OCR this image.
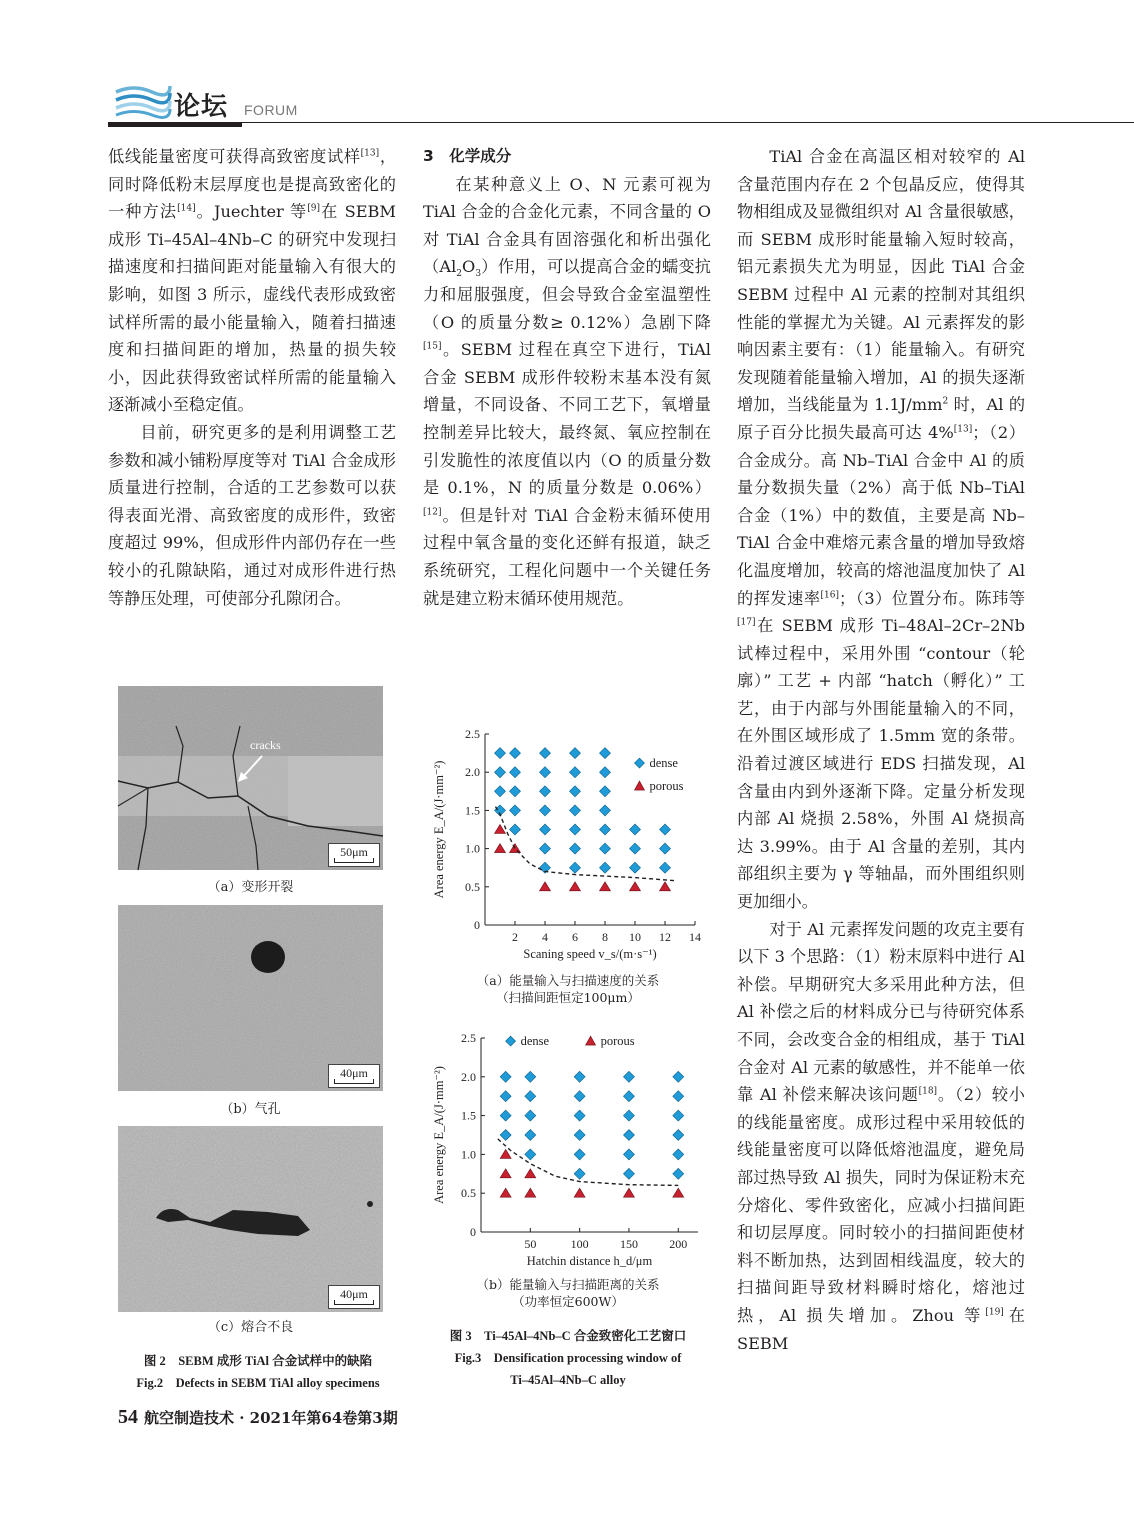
论坛 FORUM

低线能量密度可获得高致密度试样[13]，同时降低粉末层厚度也是提高致密化的一种方法[14]。Juechter 等[9]在 SEBM 成形 Ti–45Al–4Nb–C 的研究中发现扫描速度和扫描间距对能量输入有很大的影响，如图 3 所示，虚线代表形成致密试样所需的最小能量输入，随着扫描速度和扫描间距的增加，热量的损失较小，因此获得致密试样所需的能量输入逐渐减小至稳定值。

目前，研究更多的是利用调整工艺参数和减小铺粉厚度等对 TiAl 合金成形质量进行控制，合适的工艺参数可以获得表面光滑、高致密度的成形件，致密度超过 99%，但成形件内部仍存在一些较小的孔隙缺陷，通过对成形件进行热等静压处理，可使部分孔隙闭合。

3　化学成分

在某种意义上 O、N 元素可视为 TiAl 合金的合金化元素，不同含量的 O 对 TiAl 合金具有固溶强化和析出强化$(Al_2O_3)$作用，可以提高合金的蠕变抗力和屈服强度，但会导致合金室温塑性（O 的质量分数≥ 0.12%）急剧下降[15]。SEBM 过程在真空下进行，TiAl 合金 SEBM 成形件较粉末基本没有氮增量，不同设备、不同工艺下，氧增量控制差异比较大，最终氮、氧应控制在引发脆性的浓度值以内（O 的质量分数是 0.1%，N 的质量分数是 0.06%）[12]。但是针对 TiAl 合金粉末循环使用过程中氧含量的变化还鲜有报道，缺乏系统研究，工程化问题中一个关键任务就是建立粉末循环使用规范。

TiAl 合金在高温区相对较窄的 Al 含量范围内存在 2 个包晶反应，使得其物相组成及显微组织对 Al 含量很敏感，而 SEBM 成形时能量输入短时较高，铝元素损失尤为明显，因此 TiAl 合金 SEBM 过程中 Al 元素的控制对其组织性能的掌握尤为关键。Al 元素挥发的影响因素主要有：（1）能量输入。有研究发现随着能量输入增加，Al 的损失逐渐增加，当线能量为 $1.1J/mm^2$ 时，Al 的原子百分比损失最高可达 4%[13]；（2）合金成分。高 Nb–TiAl 合金中 Al 的质量分数损失量（2%）高于低 Nb–TiAl 合金（1%）中的数值，主要是高 Nb–TiAl 合金中难熔元素含量的增加导致熔化温度增加，较高的熔池温度加快了 Al 的挥发速率[16]；（3）位置分布。陈玮等[17]在 SEBM 成形 Ti–48Al–2Cr–2Nb 试棒过程中，采用外围 “contour（轮廓）” 工艺 + 内部 “hatch（孵化）” 工艺，由于内部与外围能量输入的不同，在外围区域形成了 1.5mm 宽的条带。沿着过渡区域进行 EDS 扫描发现，Al 含量由内到外逐渐下降。定量分析发现内部 Al 烧损 2.58%，外围 Al 烧损高达 3.99%。由于 Al 含量的差别，其内部组织主要为 γ 等轴晶，而外围组织则更加细小。

对于 Al 元素挥发问题的攻克主要有以下 3 个思路：（1）粉末原料中进行 Al 补偿。早期研究大多采用此种方法，但 Al 补偿之后的材料成分已与待研究体系不同，会改变合金的相组成，基于 TiAl 合金对 Al 元素的敏感性，并不能单一依靠 Al 补偿来解决该问题[18]。（2）较小的线能量密度。成形过程中采用较低的线能量密度可以降低熔池温度，避免局部过热导致 Al 损失，同时为保证粉末充分熔化、零件致密化，应减小扫描间距和切层厚度。同时较小的扫描间距使材料不断加热，达到固相线温度，较大的扫描间距导致材料瞬时熔化，熔池过热，Al 损失增加。Zhou 等[19]在 SEBM

cracks
50μm
（a）变形开裂
40μm
（b）气孔
40μm
（c）熔合不良
图 2　SEBM 成形 TiAl 合金试样中的缺陷
Fig.2　Defects in SEBM TiAl alloy specimens
0
0.5
1.0
1.5
2.0
2.5
2 4 6 8 10 12 14
dense
porous
Scaning speed v_s/(m·s⁻¹)
Area energy E_A/(J·mm⁻²)
（a）能量输入与扫描速度的关系
（扫描间距恒定100μm）
0
0.5
1.0
1.5
2.0
2.5
50	100	150	200
dense	porous
Hatchin distance h_d/μm
Area energy E_A/(J·mm⁻²)
（b）能量输入与扫描距离的关系
（功率恒定600W）
图 3　Ti–45Al–4Nb–C 合金致密化工艺窗口
Fig.3　Densification processing window of
Ti–45Al–4Nb–C alloy
54 航空制造技术 · 2021年第64卷第3期
